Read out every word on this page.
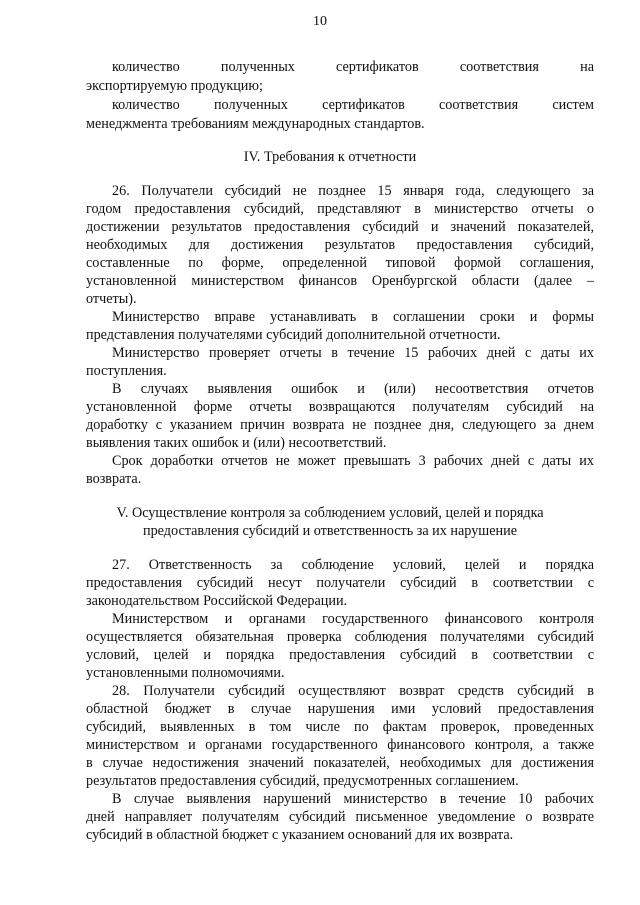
10
количество полученных сертификатов соответствия на
экспортируемую продукцию;
количество полученных сертификатов соответствия систем
менеджмента требованиям международных стандартов.
IV. Требования к отчетности
26. Получатели субсидий не позднее 15 января года, следующего за
годом предоставления субсидий, представляют в министерство отчеты о
достижении результатов предоставления субсидий и значений показателей,
необходимых для достижения результатов предоставления субсидий,
составленные по форме, определенной типовой формой соглашения,
установленной министерством финансов Оренбургской области (далее –
отчеты).
Министерство вправе устанавливать в соглашении сроки и формы
представления получателями субсидий дополнительной отчетности.
Министерство проверяет отчеты в течение 15 рабочих дней с даты их
поступления.
В случаях выявления ошибок и (или) несоответствия отчетов
установленной форме отчеты возвращаются получателям субсидий на
доработку с указанием причин возврата не позднее дня, следующего за днем
выявления таких ошибок и (или) несоответствий.
Срок доработки отчетов не может превышать 3 рабочих дней с даты их
возврата.
V. Осуществление контроля за соблюдением условий, целей и порядка
предоставления субсидий и ответственность за их нарушение
27. Ответственность за соблюдение условий, целей и порядка
предоставления субсидий несут получатели субсидий в соответствии с
законодательством Российской Федерации.
Министерством и органами государственного финансового контроля
осуществляется обязательная проверка соблюдения получателями субсидий
условий, целей и порядка предоставления субсидий в соответствии с
установленными полномочиями.
28. Получатели субсидий осуществляют возврат средств субсидий в
областной бюджет в случае нарушения ими условий предоставления
субсидий, выявленных в том числе по фактам проверок, проведенных
министерством и органами государственного финансового контроля, а также
в случае недостижения значений показателей, необходимых для достижения
результатов предоставления субсидий, предусмотренных соглашением.
В случае выявления нарушений министерство в течение 10 рабочих
дней направляет получателям субсидий письменное уведомление о возврате
субсидий в областной бюджет с указанием оснований для их возврата.
